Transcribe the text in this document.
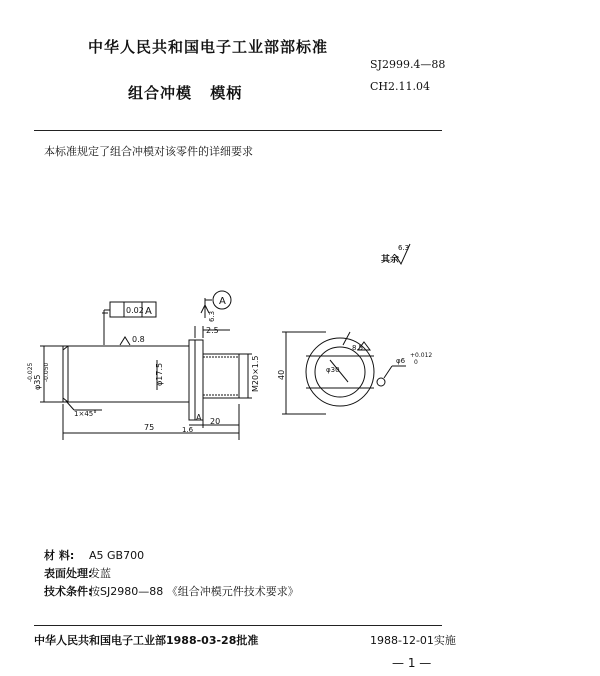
中华人民共和国电子工业部部标准
SJ2999.4—88
组合冲模 模柄	CH2.11.04
本标准规定了组合冲模对该零件的详细要求
其余
6.3
A
0.02 A
0.8
2.5
1×45°
75
20
A
1.6
8.5
φ30
φ6
+0.012
0
φ35
-0.025 -0.050	φ17.5	M20×1.5
6.3
40
材 料: A5 GB700
表面处理:发蓝
技术条件:按SJ2980—88 《组合冲模元件技术要求》
中华人民共和国电子工业部1988-03-28批准	1988-12-01实施
— 1 —
